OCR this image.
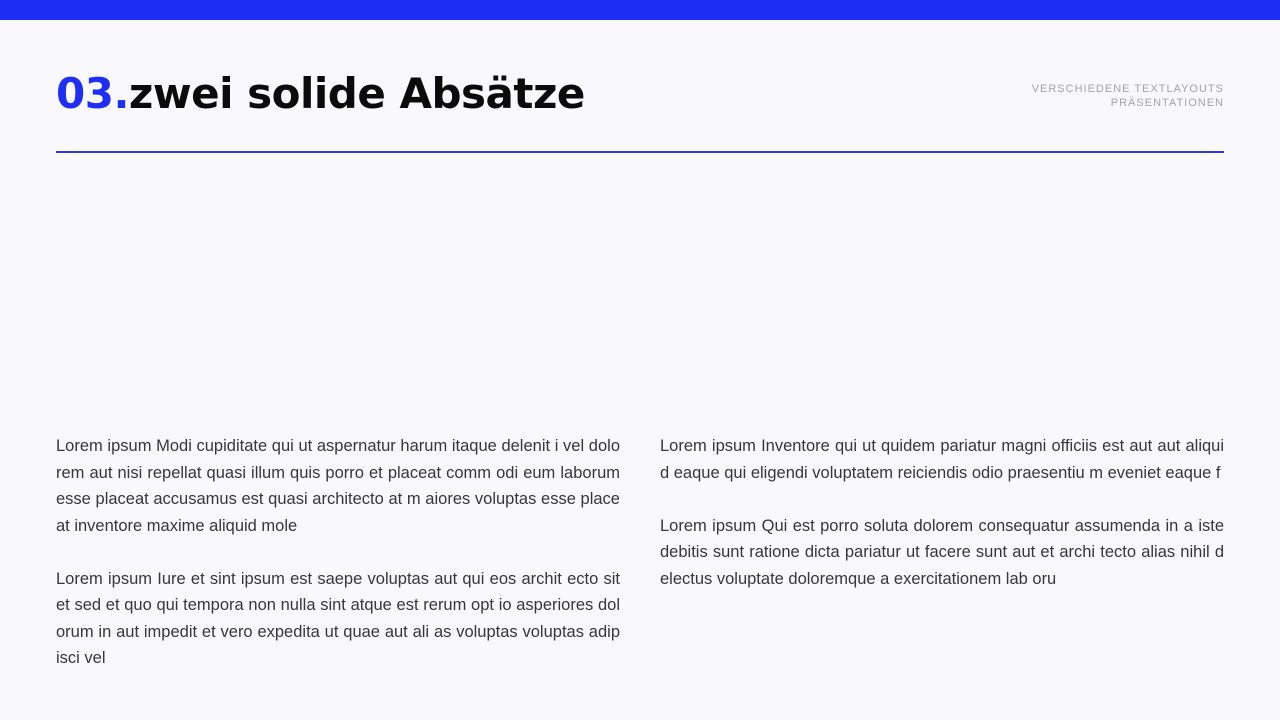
03.zwei solide Absätze	VERSCHIEDENE TEXTLAYOUTS
PRÄSENTATIONEN

Lorem ipsum Modi cupiditate qui ut aspernatur harum itaque delenit i vel dolorem aut nisi repellat quasi illum quis porro et placeat comm odi eum laborum esse placeat accusamus est quasi architecto at m aiores voluptas esse placeat inventore maxime aliquid mole

Lorem ipsum Iure et sint ipsum est saepe voluptas aut qui eos archit ecto sit et sed et quo qui tempora non nulla sint atque est rerum opt io asperiores dolorum in aut impedit et vero expedita ut quae aut ali as voluptas voluptas adipisci vel

Lorem ipsum Inventore qui ut quidem pariatur magni officiis est aut aut aliquid eaque qui eligendi voluptatem reiciendis odio praesentiu m eveniet eaque f

Lorem ipsum Qui est porro soluta dolorem consequatur assumenda in a iste debitis sunt ratione dicta pariatur ut facere sunt aut et archi tecto alias nihil delectus voluptate doloremque a exercitationem lab oru
